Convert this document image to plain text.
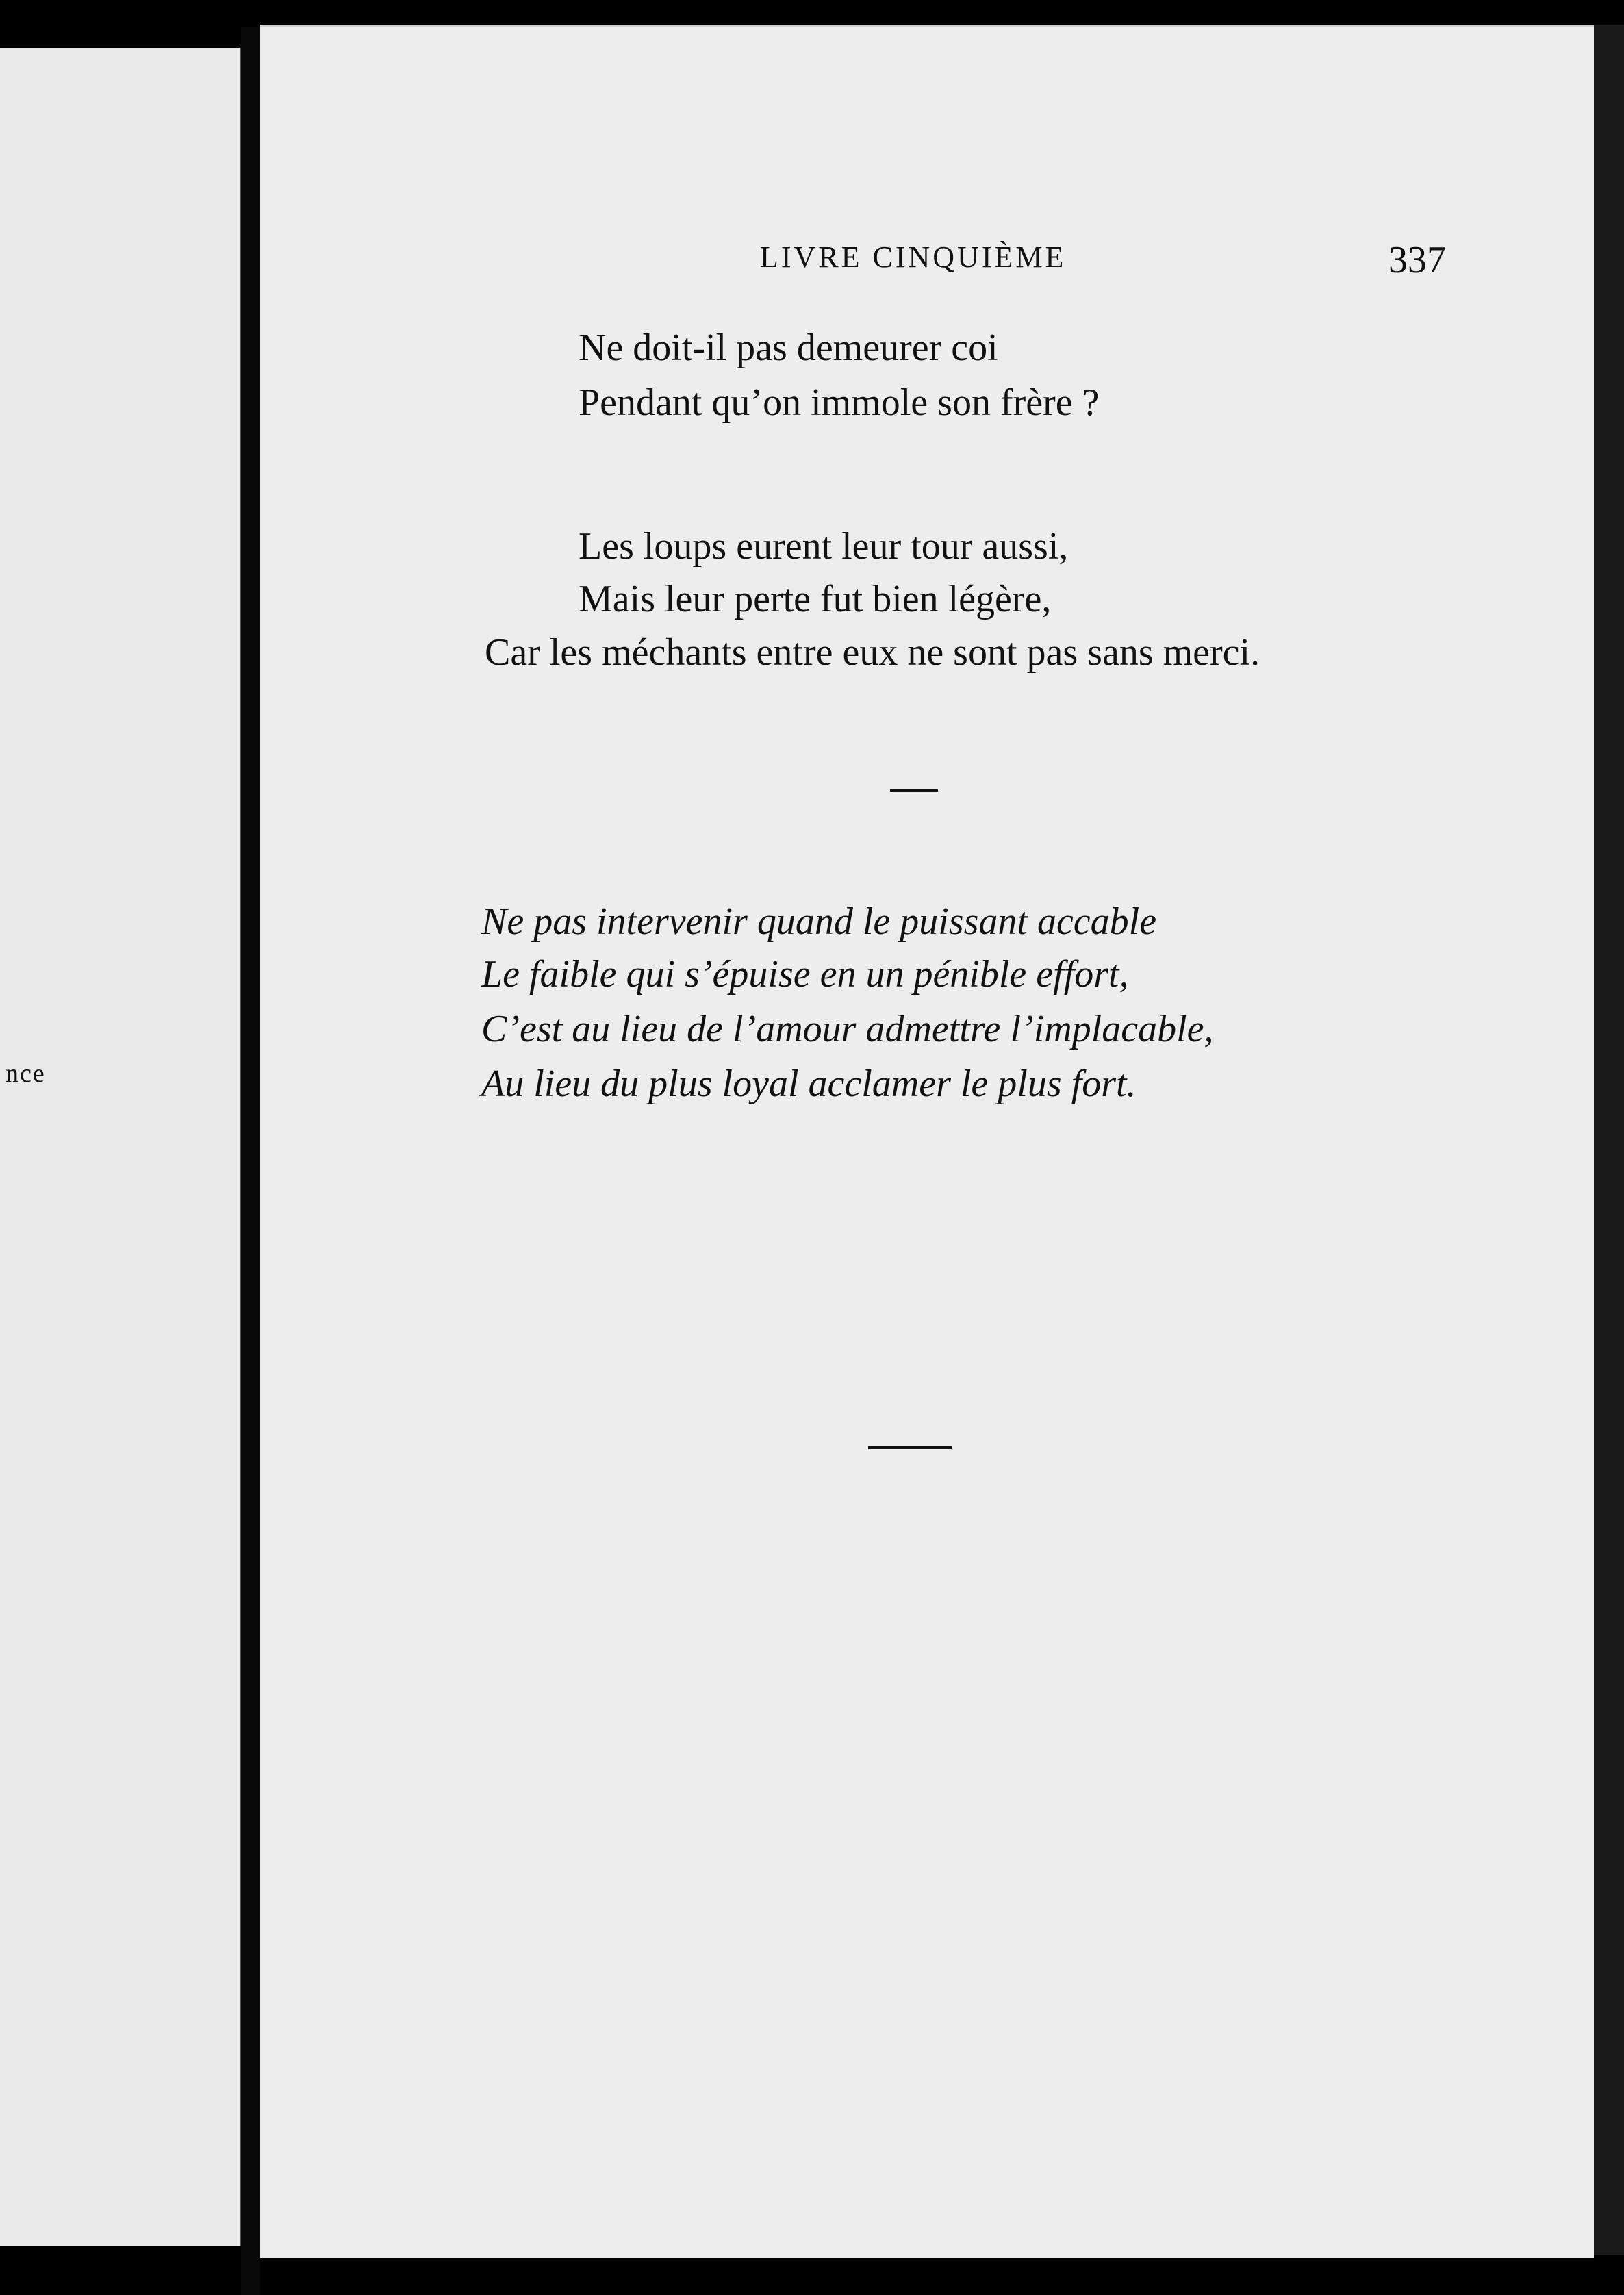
nce
LIVRE CINQUIÈME	337
Ne doit-il pas demeurer coi
Pendant qu’on immole son frère ?
Les loups eurent leur tour aussi,
Mais leur perte fut bien légère,
Car les méchants entre eux ne sont pas sans merci.
Ne pas intervenir quand le puissant accable
Le faible qui s’épuise en un pénible effort,
C’est au lieu de l’amour admettre l’implacable,
Au lieu du plus loyal acclamer le plus fort.
